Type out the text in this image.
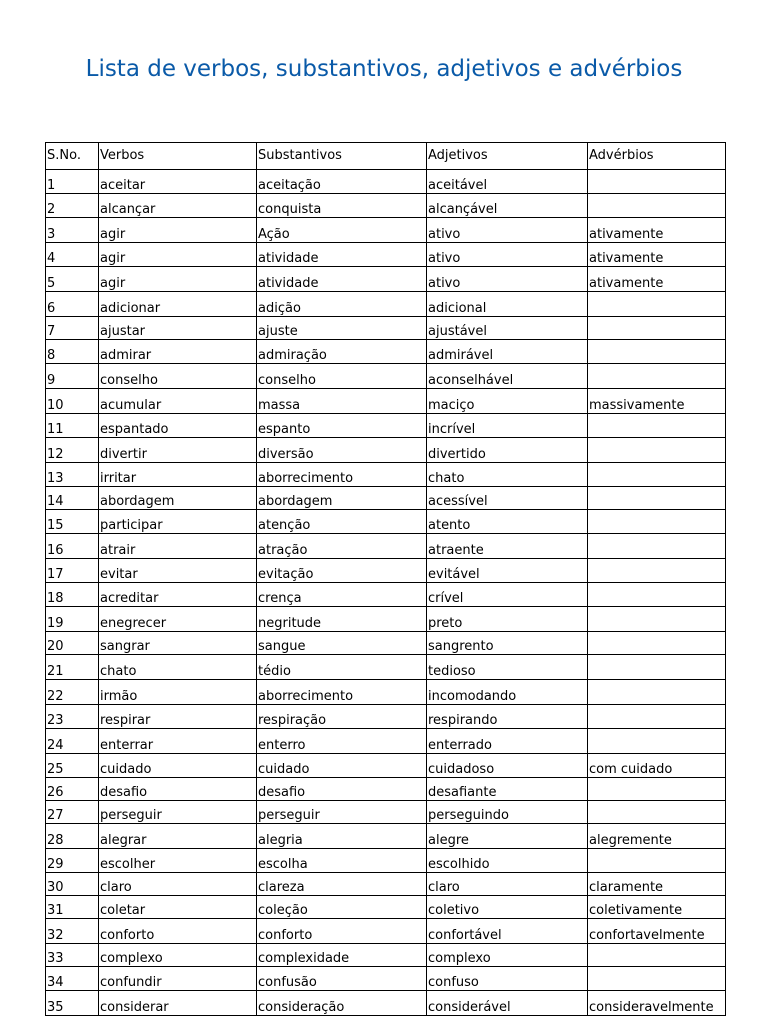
Lista de verbos, substantivos, adjetivos e advérbios
S.No.	Verbos	Substantivos	Adjetivos	Advérbios
1	aceitar	aceitação	aceitável	
2	alcançar	conquista	alcançável	
3	agir	Ação	ativo	ativamente
4	agir	atividade	ativo	ativamente
5	agir	atividade	ativo	ativamente
6	adicionar	adição	adicional	
7	ajustar	ajuste	ajustável	
8	admirar	admiração	admirável	
9	conselho	conselho	aconselhável	
10	acumular	massa	maciço	massivamente
11	espantado	espanto	incrível	
12	divertir	diversão	divertido	
13	irritar	aborrecimento	chato	
14	abordagem	abordagem	acessível	
15	participar	atenção	atento	
16	atrair	atração	atraente	
17	evitar	evitação	evitável	
18	acreditar	crença	crível	
19	enegrecer	negritude	preto	
20	sangrar	sangue	sangrento	
21	chato	tédio	tedioso	
22	irmão	aborrecimento	incomodando	
23	respirar	respiração	respirando	
24	enterrar	enterro	enterrado	
25	cuidado	cuidado	cuidadoso	com cuidado
26	desafio	desafio	desafiante	
27	perseguir	perseguir	perseguindo	
28	alegrar	alegria	alegre	alegremente
29	escolher	escolha	escolhido	
30	claro	clareza	claro	claramente
31	coletar	coleção	coletivo	coletivamente
32	conforto	conforto	confortável	confortavelmente
33	complexo	complexidade	complexo	
34	confundir	confusão	confuso	
35	considerar	consideração	considerável	consideravelmente
